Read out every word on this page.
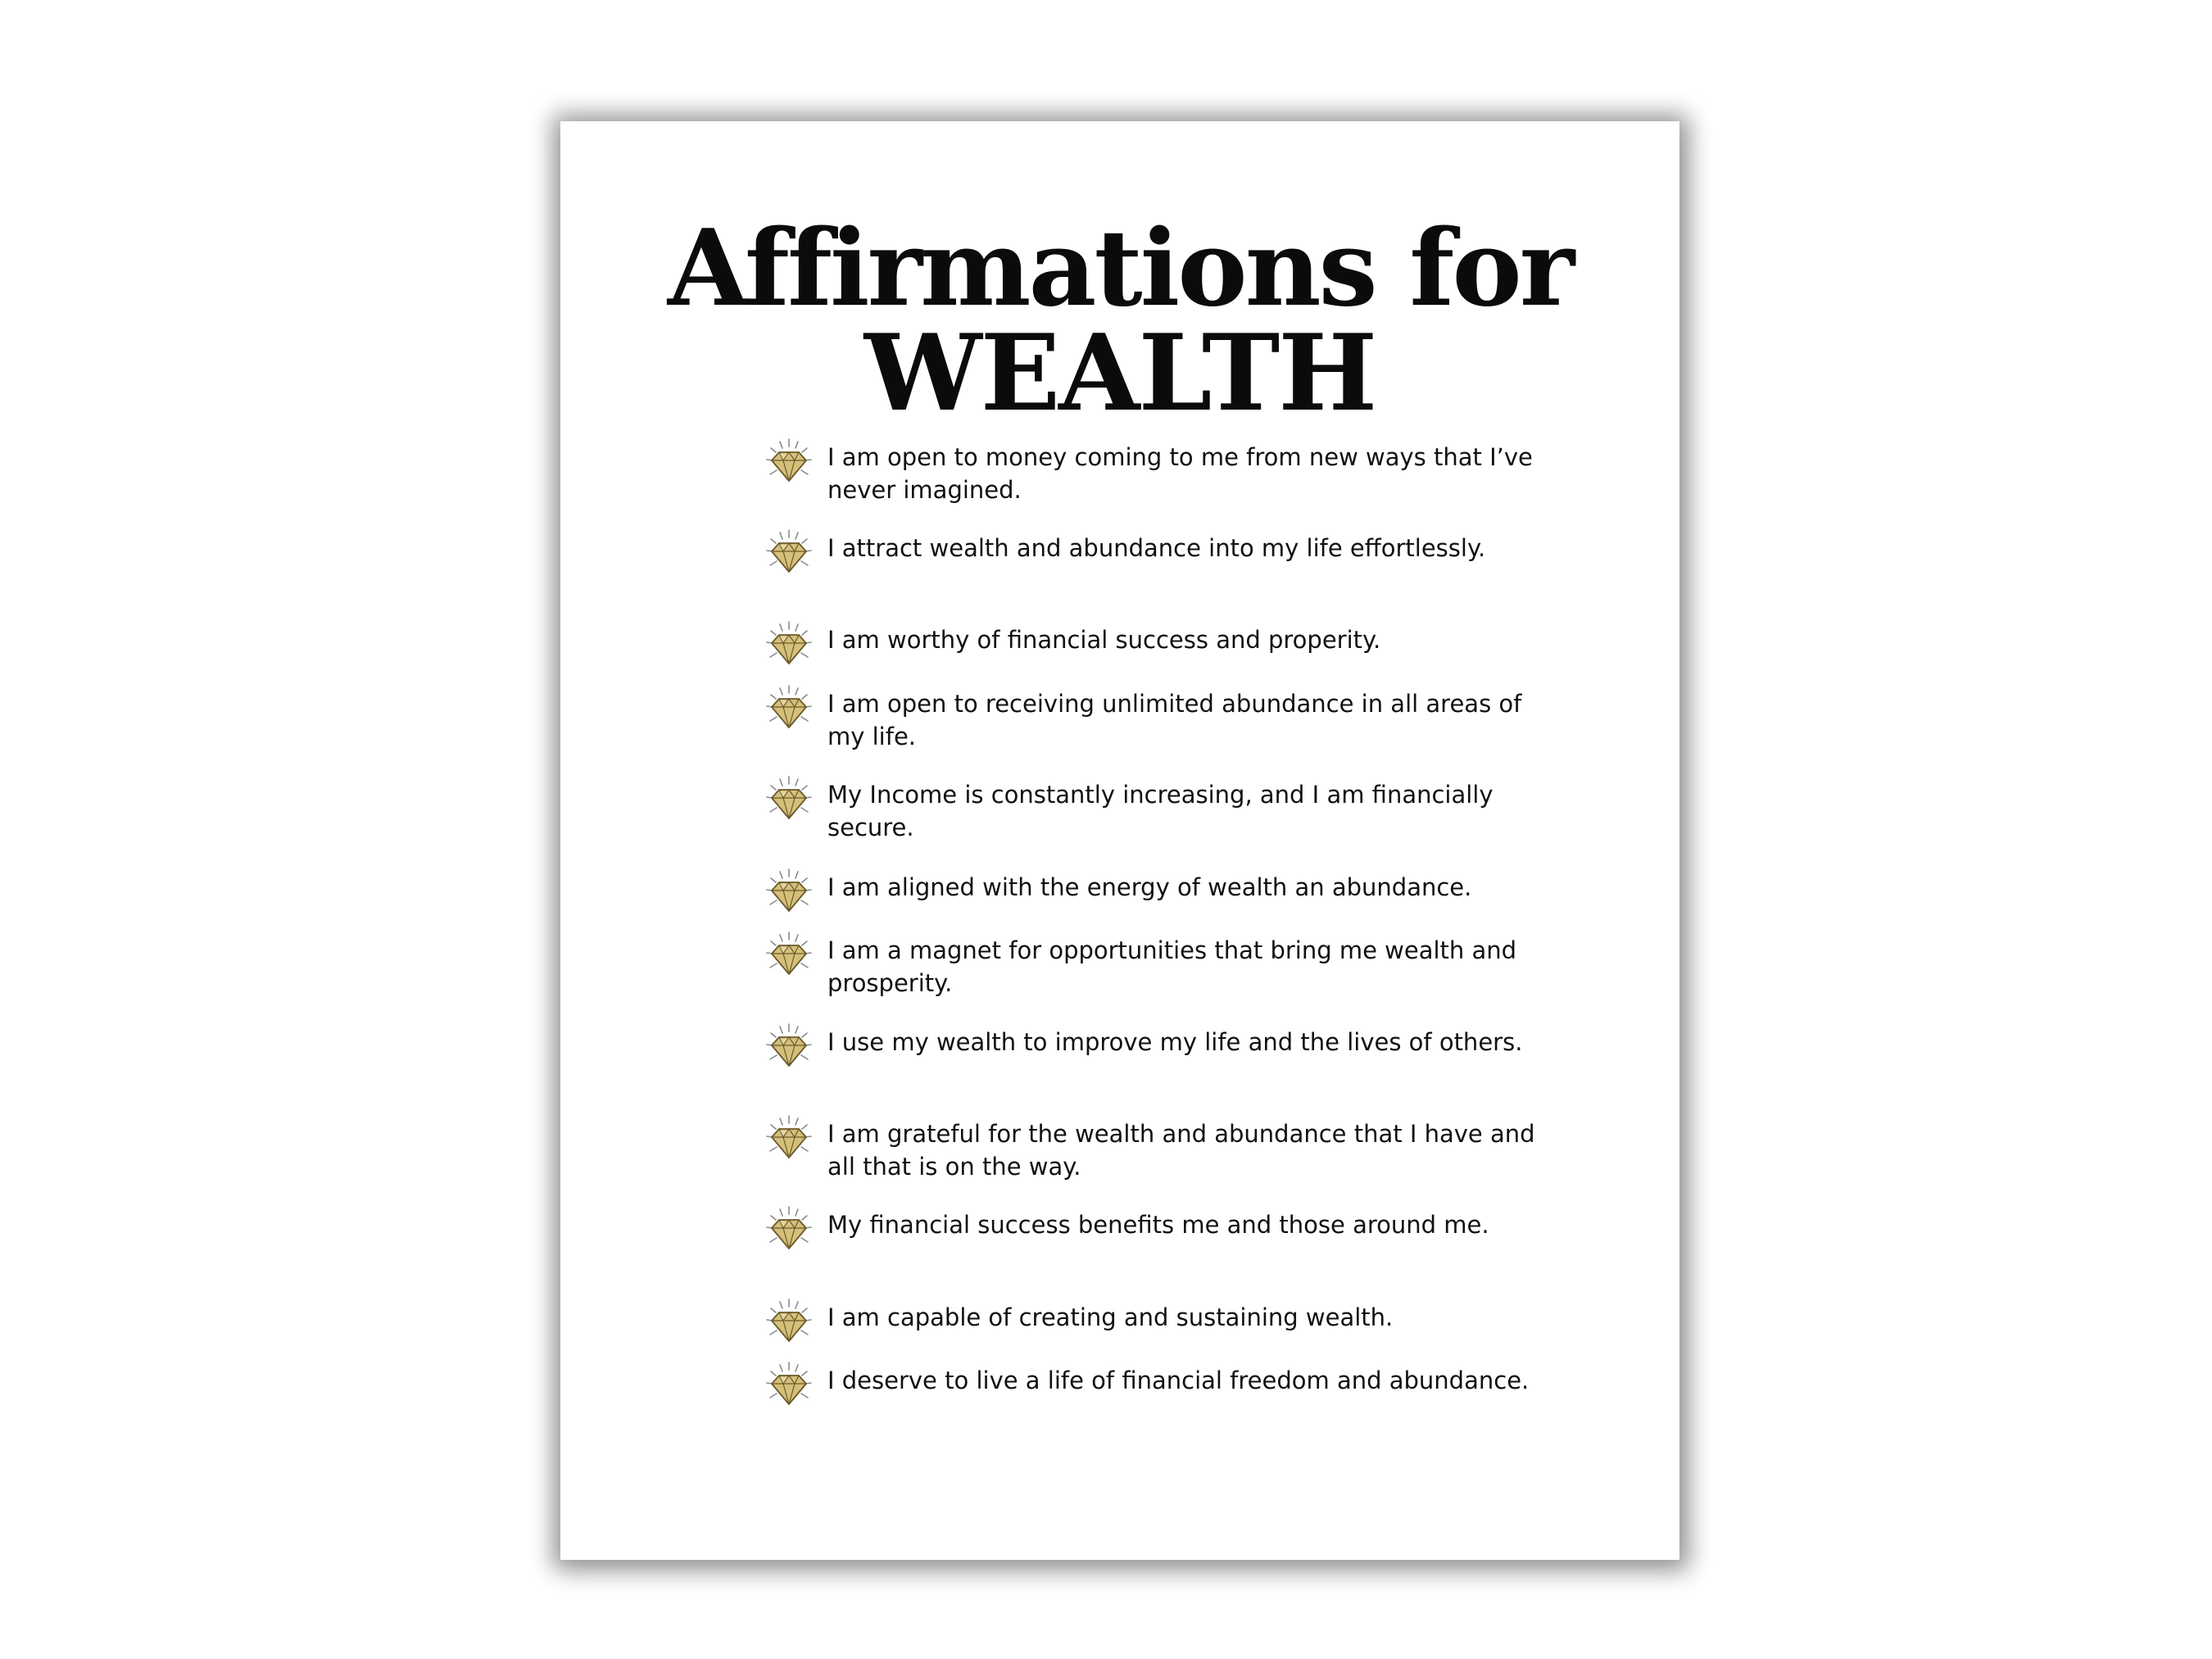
Affirmations for
WEALTH
I am open to money coming to me from new ways that I’ve never imagined.
I attract wealth and abundance into my life effortlessly.
I am worthy of financial success and properity.
I am open to receiving unlimited abundance in all areas of my life.
My Income is constantly increasing, and I am financially secure.
I am aligned with the energy of wealth an abundance.
I am a magnet for opportunities that bring me wealth and prosperity.
I use my wealth to improve my life and the lives of others.
I am grateful for the wealth and abundance that I have and all that is on the way.
My financial success benefits me and those around me.
I am capable of creating and sustaining wealth.
I deserve to live a life of financial freedom and abundance.
